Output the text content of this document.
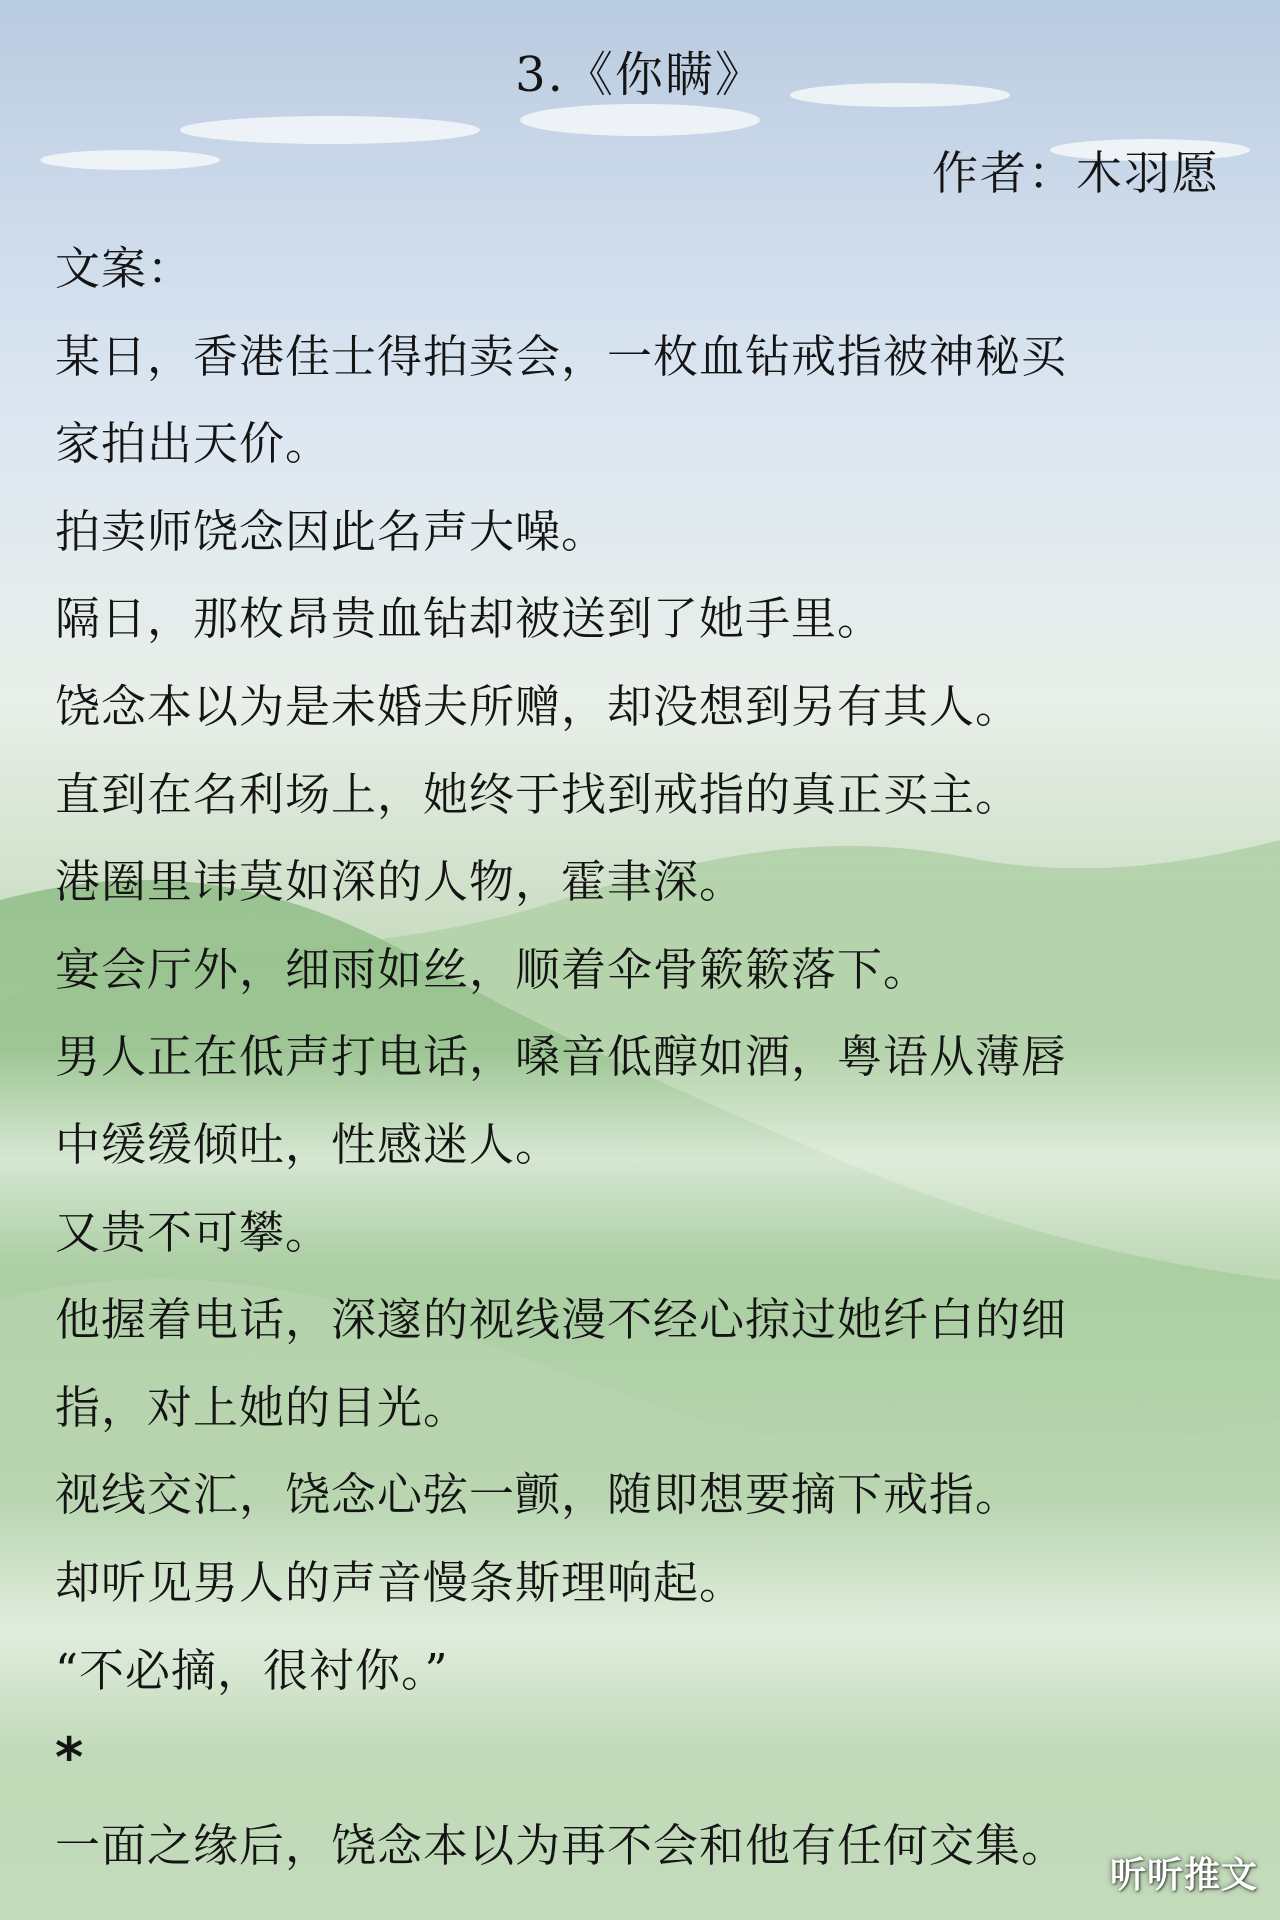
3.《你瞒》
作者：木羽愿
文案：
某日，香港佳士得拍卖会，一枚血钻戒指被神秘买
家拍出天价。
拍卖师饶念因此名声大噪。
隔日，那枚昂贵血钻却被送到了她手里。
饶念本以为是未婚夫所赠，却没想到另有其人。
直到在名利场上，她终于找到戒指的真正买主。
港圈里讳莫如深的人物，霍聿深。
宴会厅外，细雨如丝，顺着伞骨簌簌落下。
男人正在低声打电话，嗓音低醇如酒，粤语从薄唇
中缓缓倾吐，性感迷人。
又贵不可攀。
他握着电话，深邃的视线漫不经心掠过她纤白的细
指，对上她的目光。
视线交汇，饶念心弦一颤，随即想要摘下戒指。
却听见男人的声音慢条斯理响起。
“不必摘，很衬你。”
*
一面之缘后，饶念本以为再不会和他有任何交集。
听听推文
